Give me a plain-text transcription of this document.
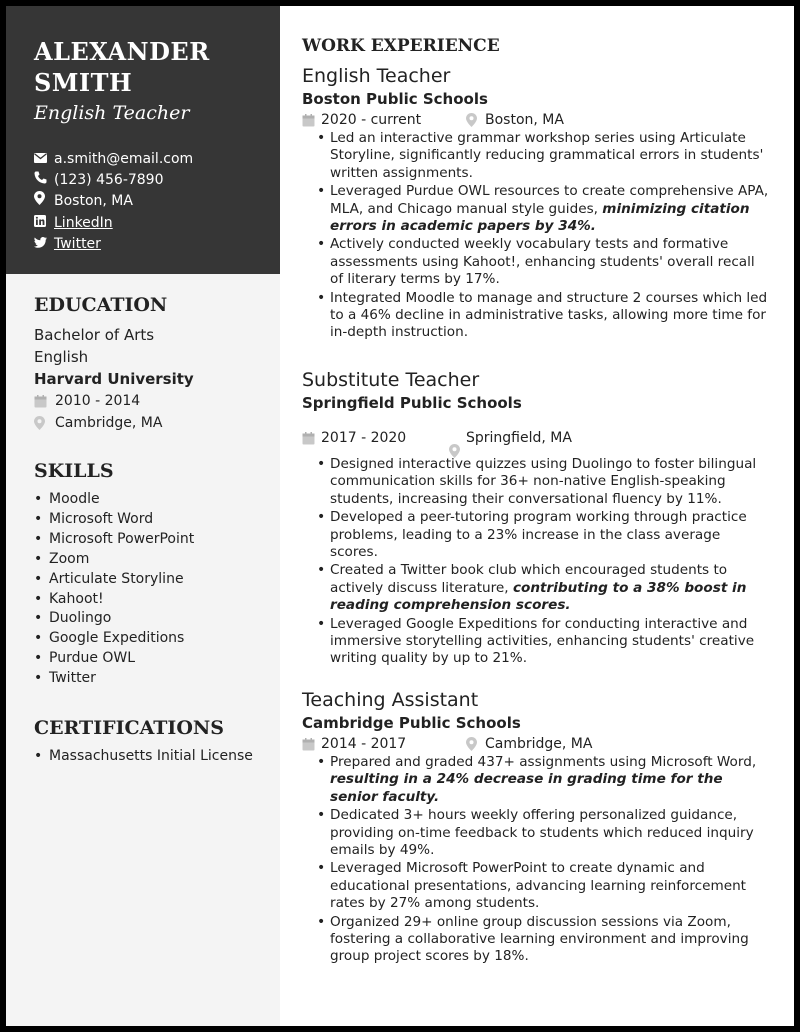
ALEXANDER SMITH
English Teacher
a.smith@email.com
(123) 456-7890
Boston, MA
LinkedIn
Twitter
EDUCATION
Bachelor of Arts
English
Harvard University
2010 - 2014
Cambridge, MA
SKILLS
• Moodle
• Microsoft Word
• Microsoft PowerPoint
• Zoom
• Articulate Storyline
• Kahoot!
• Duolingo
• Google Expeditions
• Purdue OWL
• Twitter
CERTIFICATIONS
• Massachusetts Initial License
WORK EXPERIENCE
English Teacher
Boston Public Schools
2020 - current	Boston, MA
• Led an interactive grammar workshop series using Articulate Storyline, significantly reducing grammatical errors in students' written assignments.
• Leveraged Purdue OWL resources to create comprehensive APA, MLA, and Chicago manual style guides, minimizing citation errors in academic papers by 34%.
• Actively conducted weekly vocabulary tests and formative assessments using Kahoot!, enhancing students' overall recall of literary terms by 17%.
• Integrated Moodle to manage and structure 2 courses which led to a 46% decline in administrative tasks, allowing more time for in-depth instruction.
Substitute Teacher
Springfield Public Schools
2017 - 2020	Springfield, MA
• Designed interactive quizzes using Duolingo to foster bilingual communication skills for 36+ non-native English-speaking students, increasing their conversational fluency by 11%.
• Developed a peer-tutoring program working through practice problems, leading to a 23% increase in the class average scores.
• Created a Twitter book club which encouraged students to actively discuss literature, contributing to a 38% boost in reading comprehension scores.
• Leveraged Google Expeditions for conducting interactive and immersive storytelling activities, enhancing students' creative writing quality by up to 21%.
Teaching Assistant
Cambridge Public Schools
2014 - 2017	Cambridge, MA
• Prepared and graded 437+ assignments using Microsoft Word, resulting in a 24% decrease in grading time for the senior faculty.
• Dedicated 3+ hours weekly offering personalized guidance, providing on-time feedback to students which reduced inquiry emails by 49%.
• Leveraged Microsoft PowerPoint to create dynamic and educational presentations, advancing learning reinforcement rates by 27% among students.
• Organized 29+ online group discussion sessions via Zoom, fostering a collaborative learning environment and improving group project scores by 18%.
